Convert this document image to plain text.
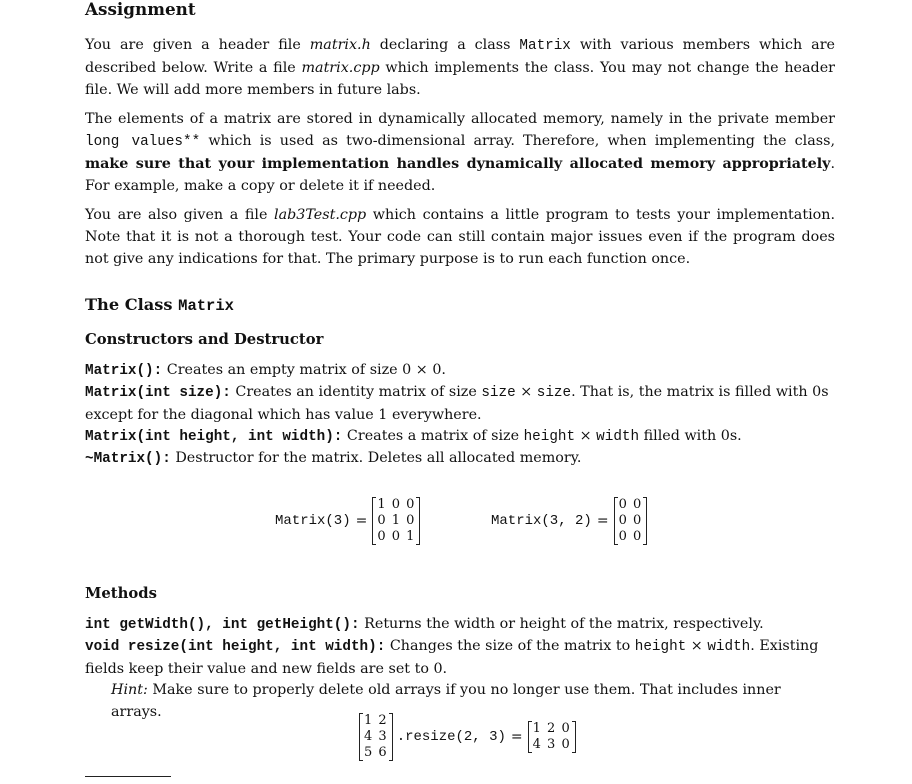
Assignment

You are given a header file matrix.h declaring a class Matrix with various members which are described below. Write a file matrix.cpp which implements the class. You may not change the header file. We will add more members in future labs.

The elements of a matrix are stored in dynamically allocated memory, namely in the private member long values** which is used as two-dimensional array. Therefore, when implementing the class, make sure that your implementation handles dynamically allocated memory appropriately. For example, make a copy or delete it if needed.

You are also given a file lab3Test.cpp which contains a little program to tests your implementation. Note that it is not a thorough test. Your code can still contain major issues even if the program does not give any indications for that. The primary purpose is to run each function once.

The Class Matrix
Constructors and Destructor

Matrix(): Creates an empty matrix of size 0 × 0.

Matrix(int size): Creates an identity matrix of size size × size. That is, the matrix is filled with 0s except for the diagonal which has value 1 everywhere.

Matrix(int height, int width): Creates a matrix of size height × width filled with 0s.

~Matrix(): Destructor for the matrix. Deletes all allocated memory.

Matrix(3) =
1 0 0
0 1 0
0 0 1
Matrix(3, 2) =
0 0
0 0
0 0
Methods

int getWidth(), int getHeight(): Returns the width or height of the matrix, respectively.

void resize(int height, int width): Changes the size of the matrix to height × width. Existing fields keep their value and new fields are set to 0.

Hint: Make sure to properly delete old arrays if you no longer use them. That includes inner arrays.

1 2
4 3
5 6
.resize(2, 3) =
1 2 0
4 3 0
